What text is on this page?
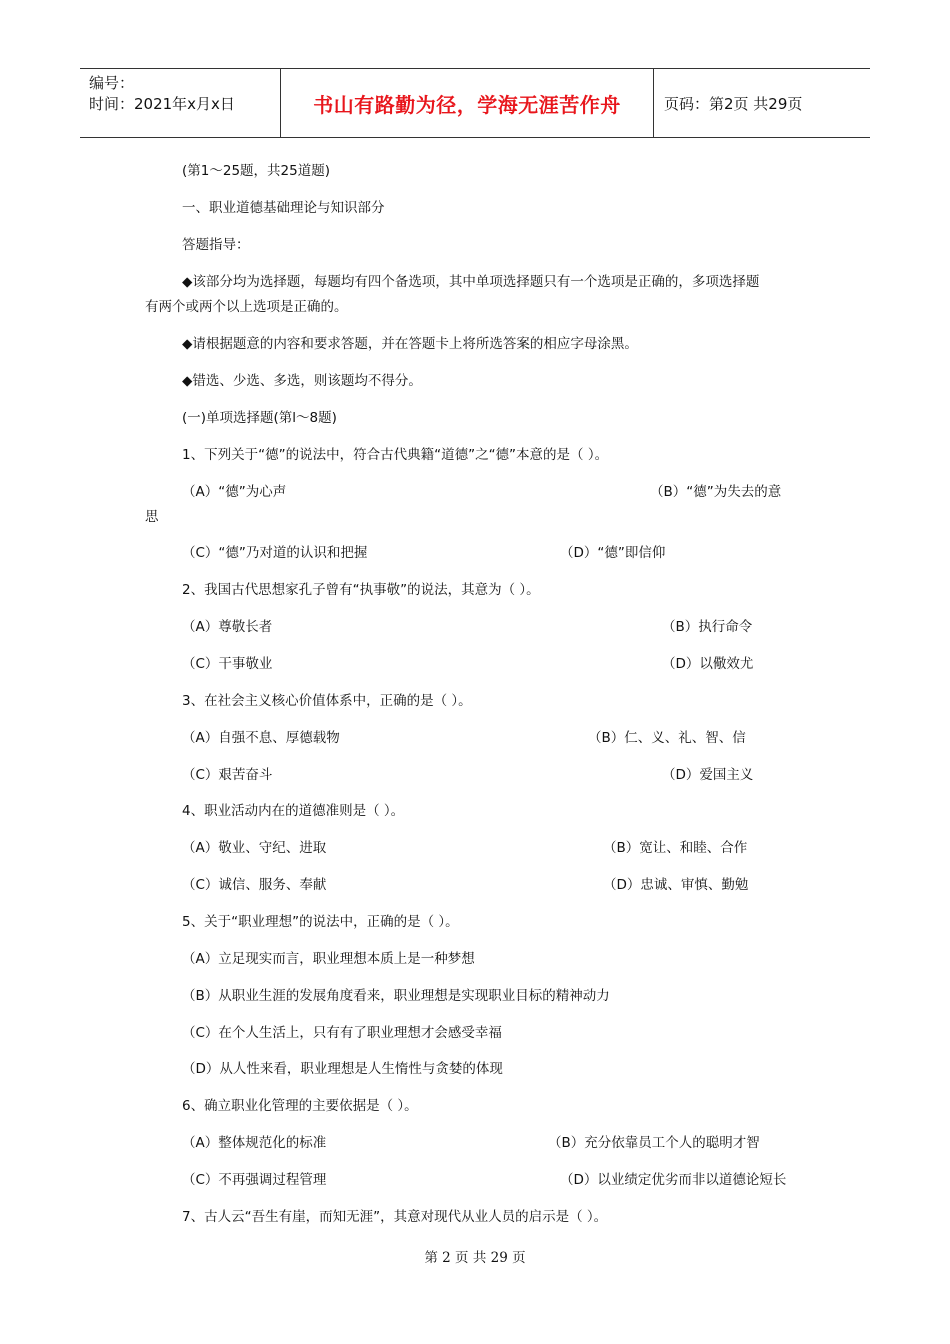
编号：
时间：2021年x月x日	书山有路勤为径，学海无涯苦作舟	页码：第2页 共29页
(第1～25题，共25道题)
一、职业道德基础理论与知识部分
答题指导：
◆该部分均为选择题，每题均有四个备选项，其中单项选择题只有一个选项是正确的，多项选择题
有两个或两个以上选项是正确的。
◆请根据题意的内容和要求答题，并在答题卡上将所选答案的相应字母涂黑。
◆错选、少选、多选，则该题均不得分。
(一)单项选择题(第l～8题)
1、下列关于“德”的说法中，符合古代典籍“道德”之“德”本意的是（ ）。
（A）“德”为心声	（B）“德”为失去的意
思
（C）“德”乃对道的认识和把握	（D）“德”即信仰
2、我国古代思想家孔子曾有“执事敬”的说法，其意为（ ）。
（A）尊敬长者	（B）执行命令
（C）干事敬业	（D）以儆效尤
3、在社会主义核心价值体系中，正确的是（ ）。
（A）自强不息、厚德载物	（B）仁、义、礼、智、信
（C）艰苦奋斗	（D）爱国主义
4、职业活动内在的道德准则是（ ）。
（A）敬业、守纪、进取	（B）宽让、和睦、合作
（C）诚信、服务、奉献	（D）忠诚、审慎、勤勉
5、关于“职业理想”的说法中，正确的是（ ）。
（A）立足现实而言，职业理想本质上是一种梦想
（B）从职业生涯的发展角度看来，职业理想是实现职业目标的精神动力
（C）在个人生活上，只有有了职业理想才会感受幸福
（D）从人性来看，职业理想是人生惰性与贪婪的体现
6、确立职业化管理的主要依据是（ ）。
（A）整体规范化的标准	（B）充分依靠员工个人的聪明才智
（C）不再强调过程管理	（D）以业绩定优劣而非以道德论短长
7、古人云“吾生有崖，而知无涯”，其意对现代从业人员的启示是（ ）。
第 2 页 共 29 页
